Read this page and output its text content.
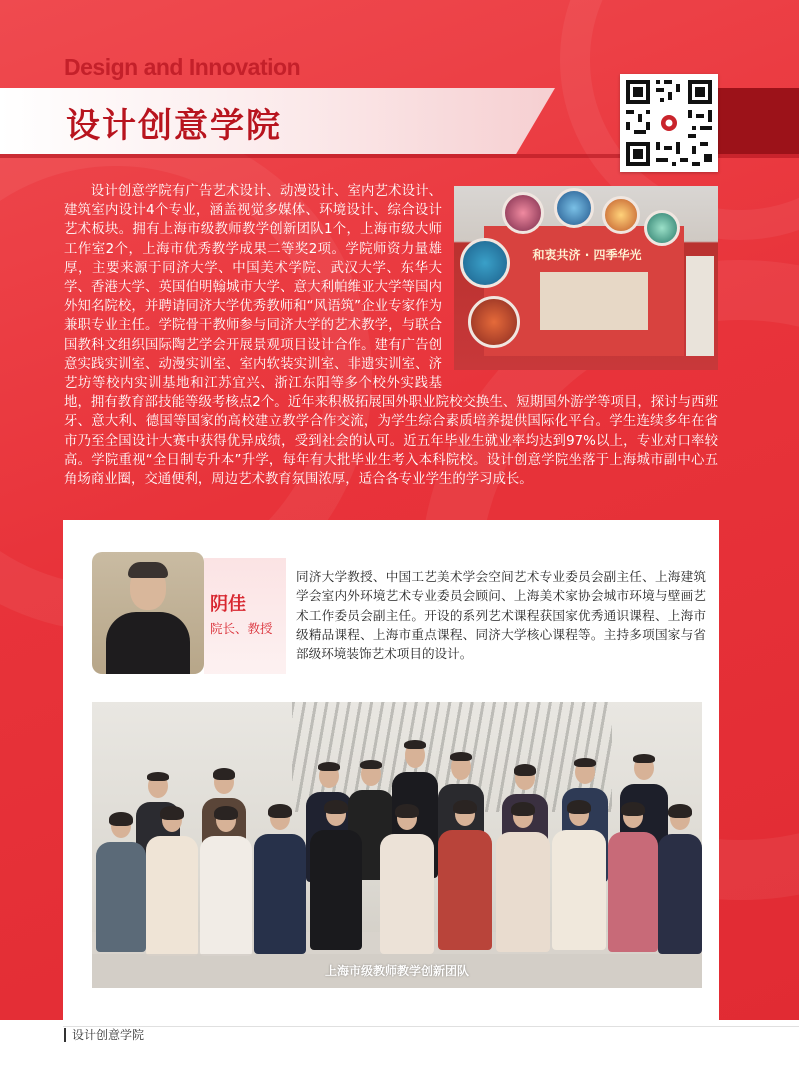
Design and Innovation
设计创意学院
和衷共济 · 四季华光

设计创意学院有广告艺术设计、动漫设计、室内艺术设计、建筑室内设计4个专业，涵盖视觉多媒体、环境设计、综合设计艺术板块。拥有上海市级教师教学创新团队1个，上海市级大师工作室2个，上海市优秀教学成果二等奖2项。学院师资力量雄厚，主要来源于同济大学、中国美术学院、武汉大学、东华大学、香港大学、英国伯明翰城市大学、意大利帕维亚大学等国内外知名院校，并聘请同济大学优秀教师和“风语筑”企业专家作为兼职专业主任。学院骨干教师参与同济大学的艺术教学，与联合国教科文组织国际陶艺学会开展景观项目设计合作。建有广告创意实践实训室、动漫实训室、室内软装实训室、非遗实训室、济艺坊等校内实训基地和江苏宜兴、浙江东阳等多个校外实践基地，拥有教育部技能等级考核点2个。近年来积极拓展国外职业院校交换生、短期国外游学等项目，探讨与西班牙、意大利、德国等国家的高校建立教学合作交流，为学生综合素质培养提供国际化平台。学生连续多年在省市乃至全国设计大赛中获得优异成绩，受到社会的认可。近五年毕业生就业率均达到97%以上，专业对口率较高。学院重视“全日制专升本”升学，每年有大批毕业生考入本科院校。设计创意学院坐落于上海城市副中心五角场商业圈，交通便利，周边艺术教育氛围浓厚，适合各专业学生的学习成长。

阴佳
院长、教授
同济大学教授、中国工艺美术学会空间艺术专业委员会副主任、上海建筑学会室内外环境艺术专业委员会顾问、上海美术家协会城市环境与壁画艺术工作委员会副主任。开设的系列艺术课程获国家优秀通识课程、上海市级精品课程、上海市重点课程、同济大学核心课程等。主持多项国家与省部级环境装饰艺术项目的设计。
上海市级教师教学创新团队
设计创意学院
